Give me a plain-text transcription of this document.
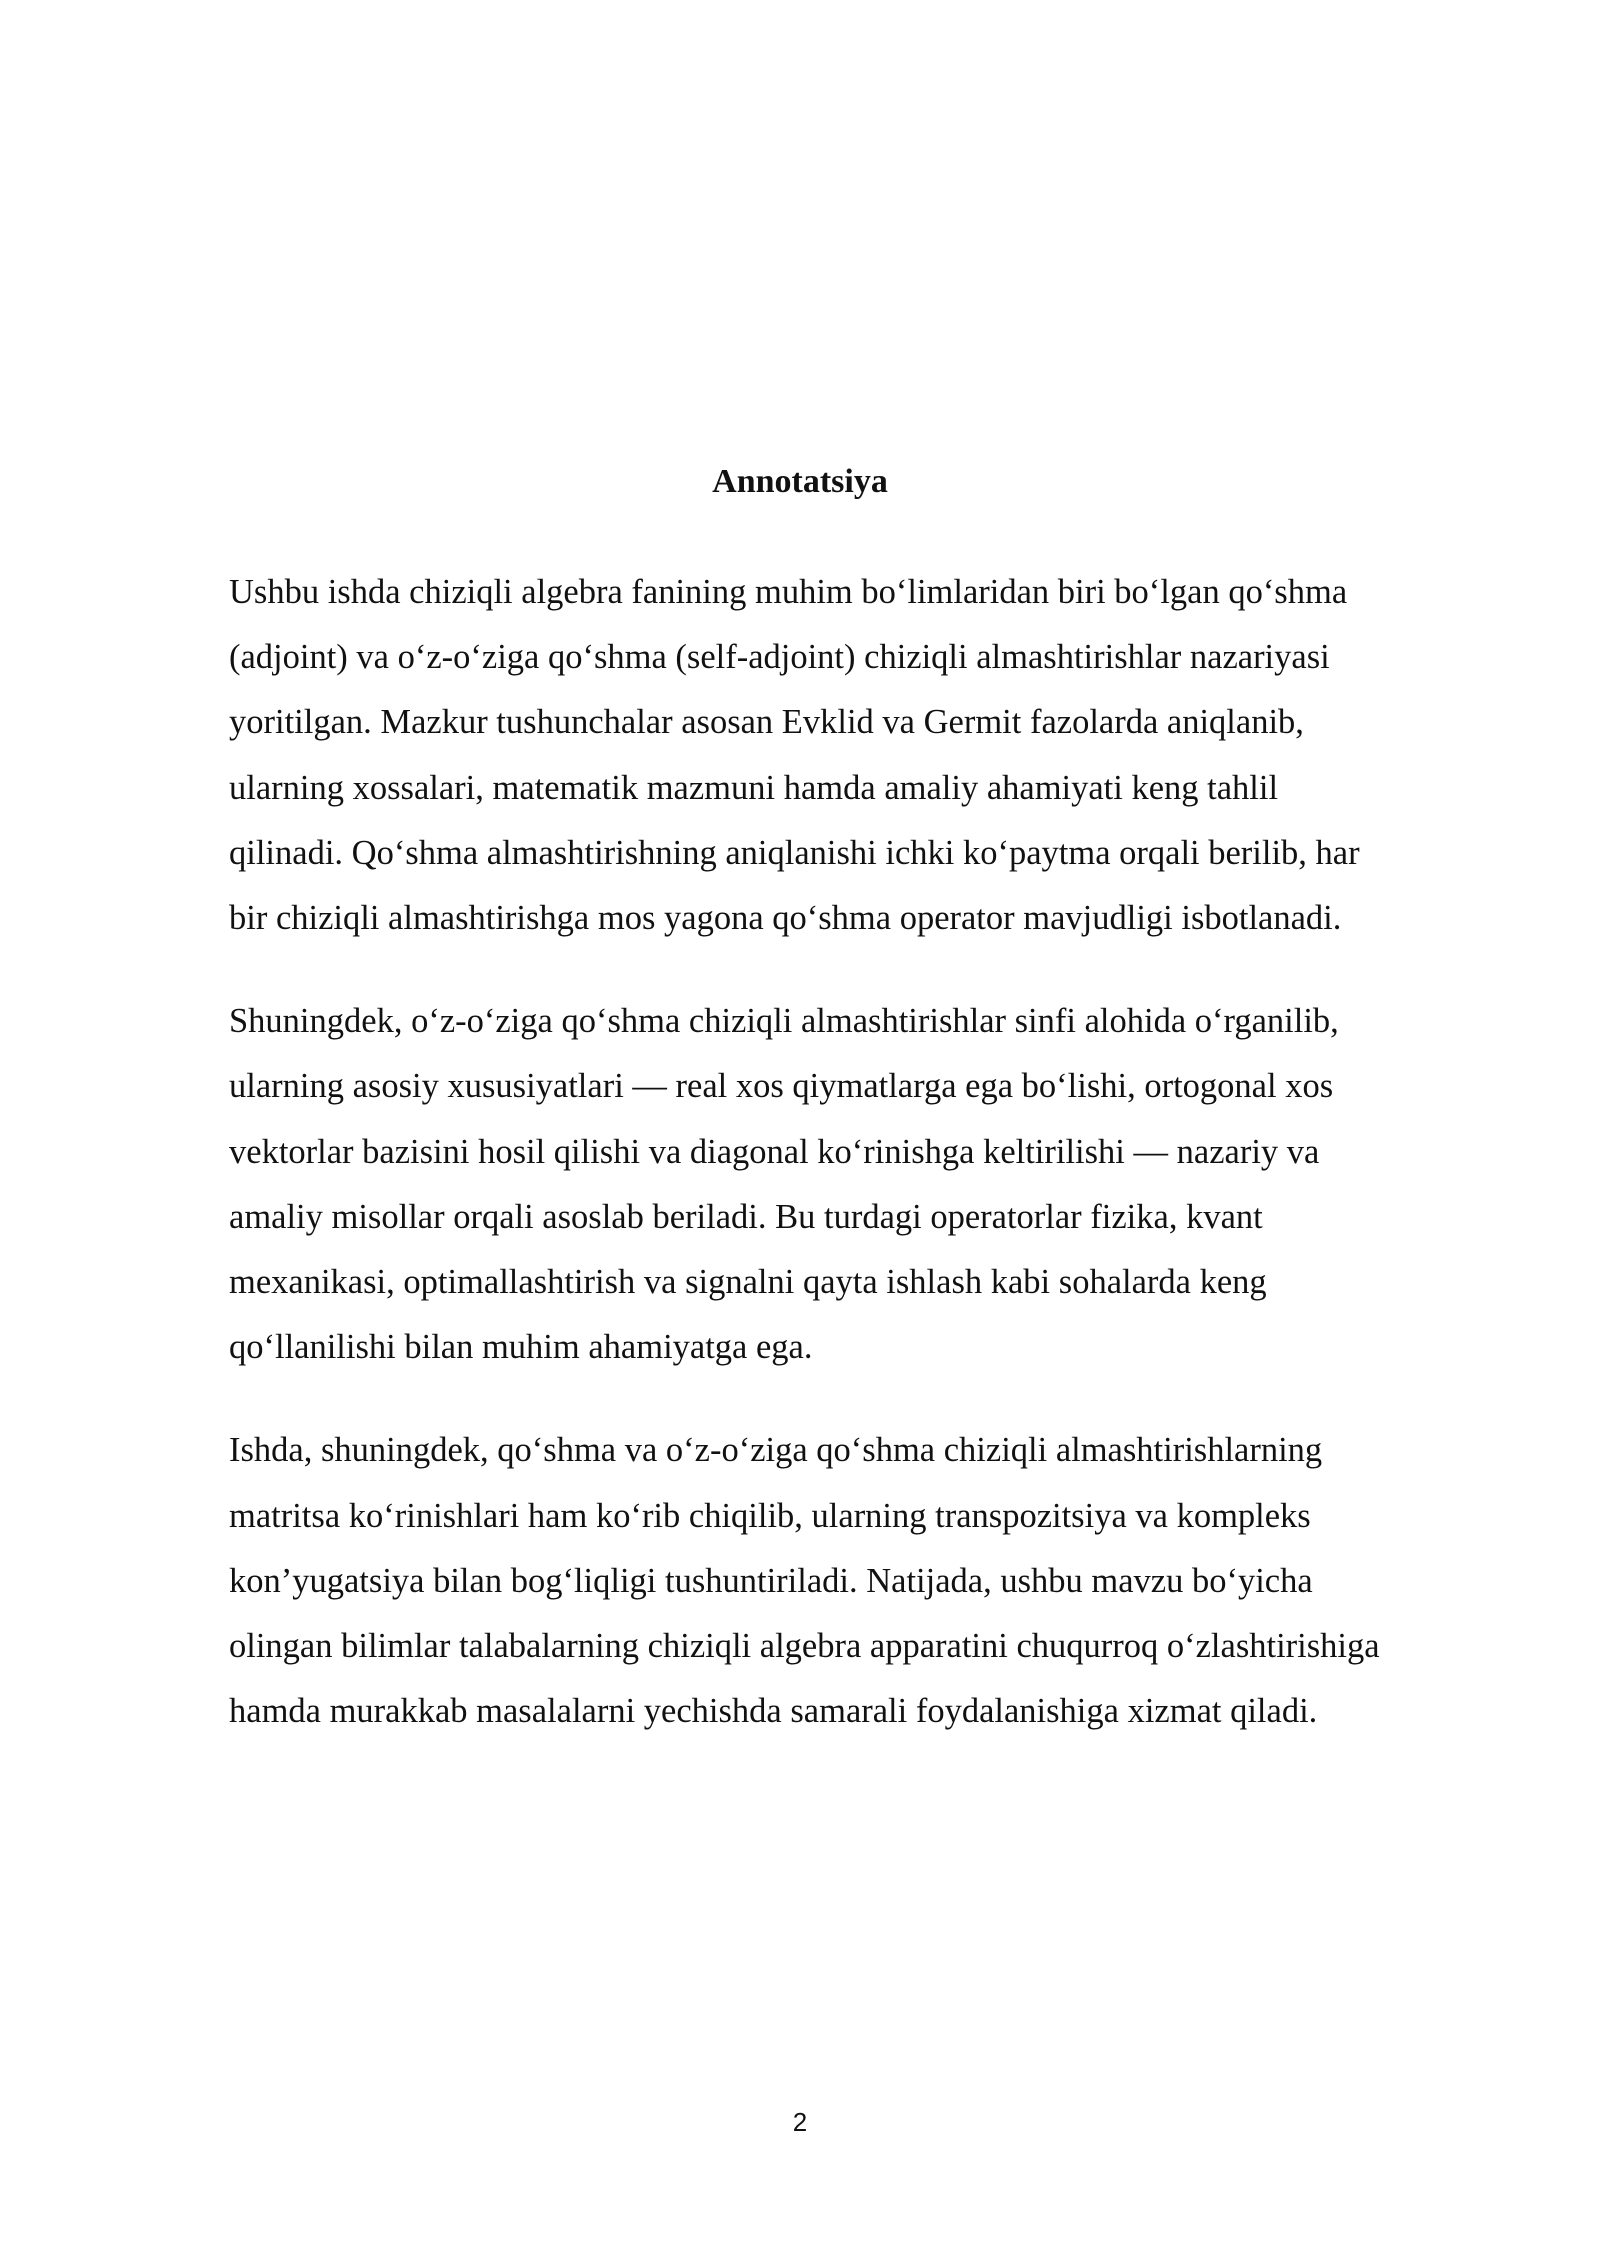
Annotatsiya

Ushbu ishda chiziqli algebra fanining muhim bo‘limlaridan biri bo‘lgan qo‘shma
(adjoint) va o‘z-o‘ziga qo‘shma (self-adjoint) chiziqli almashtirishlar nazariyasi
yoritilgan. Mazkur tushunchalar asosan Evklid va Germit fazolarda aniqlanib,
ularning xossalari, matematik mazmuni hamda amaliy ahamiyati keng tahlil
qilinadi. Qo‘shma almashtirishning aniqlanishi ichki ko‘paytma orqali berilib, har
bir chiziqli almashtirishga mos yagona qo‘shma operator mavjudligi isbotlanadi.

Shuningdek, o‘z-o‘ziga qo‘shma chiziqli almashtirishlar sinfi alohida o‘rganilib,
ularning asosiy xususiyatlari — real xos qiymatlarga ega bo‘lishi, ortogonal xos
vektorlar bazisini hosil qilishi va diagonal ko‘rinishga keltirilishi — nazariy va
amaliy misollar orqali asoslab beriladi. Bu turdagi operatorlar fizika, kvant
mexanikasi, optimallashtirish va signalni qayta ishlash kabi sohalarda keng
qo‘llanilishi bilan muhim ahamiyatga ega.

Ishda, shuningdek, qo‘shma va o‘z-o‘ziga qo‘shma chiziqli almashtirishlarning
matritsa ko‘rinishlari ham ko‘rib chiqilib, ularning transpozitsiya va kompleks
kon’yugatsiya bilan bog‘liqligi tushuntiriladi. Natijada, ushbu mavzu bo‘yicha
olingan bilimlar talabalarning chiziqli algebra apparatini chuqurroq o‘zlashtirishiga
hamda murakkab masalalarni yechishda samarali foydalanishiga xizmat qiladi.

2
